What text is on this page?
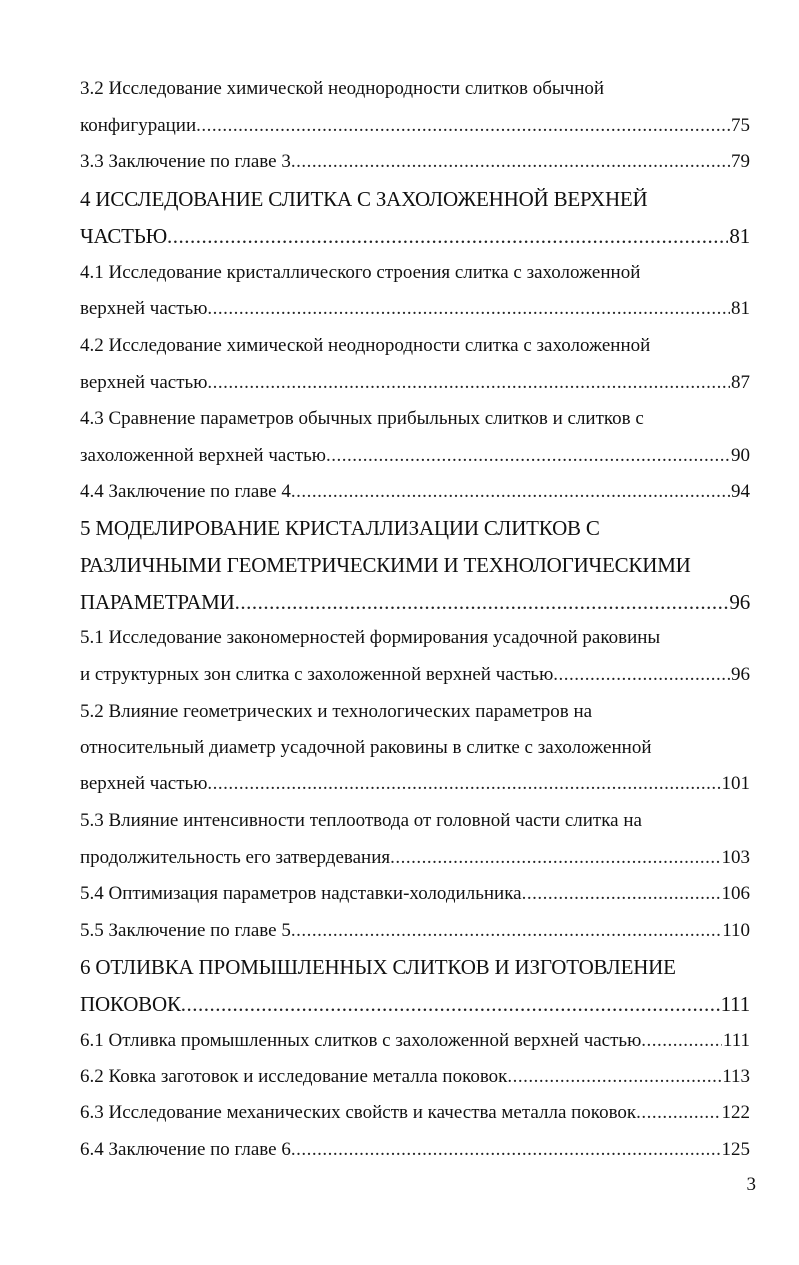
3.2 Исследование химической неоднородности слитков обычной
конфигурации .....	75
3.3 Заключение по главе 3 .....	79
4 ИССЛЕДОВАНИЕ СЛИТКА С ЗАХОЛОЖЕННОЙ ВЕРХНЕЙ
ЧАСТЬЮ .....	81
4.1 Исследование кристаллического строения слитка с захоложенной
верхней частью .....	81
4.2 Исследование химической неоднородности слитка с захоложенной
верхней частью .....	87
4.3 Сравнение параметров обычных прибыльных слитков и слитков с
захоложенной верхней частью .....	90
4.4 Заключение по главе 4 .....	94
5 МОДЕЛИРОВАНИЕ КРИСТАЛЛИЗАЦИИ СЛИТКОВ С
РАЗЛИЧНЫМИ ГЕОМЕТРИЧЕСКИМИ И ТЕХНОЛОГИЧЕСКИМИ
ПАРАМЕТРАМИ .....	96
5.1 Исследование закономерностей формирования усадочной раковины
и структурных зон слитка с захоложенной верхней частью .....	96
5.2 Влияние геометрических и технологических параметров на
относительный диаметр усадочной раковины в слитке с захоложенной
верхней частью .....	101
5.3 Влияние интенсивности теплоотвода от головной части слитка на
продолжительность его затвердевания .....	103
5.4 Оптимизация параметров надставки-холодильника .....	106
5.5 Заключение по главе 5 .....	110
6 ОТЛИВКА ПРОМЫШЛЕННЫХ СЛИТКОВ И ИЗГОТОВЛЕНИЕ
ПОКОВОК .....	111
6.1 Отливка промышленных слитков с захоложенной верхней частью .....	111
6.2 Ковка заготовок и исследование металла поковок .....	113
6.3 Исследование механических свойств и качества металла поковок .....	122
6.4 Заключение по главе 6 .....	125
3
